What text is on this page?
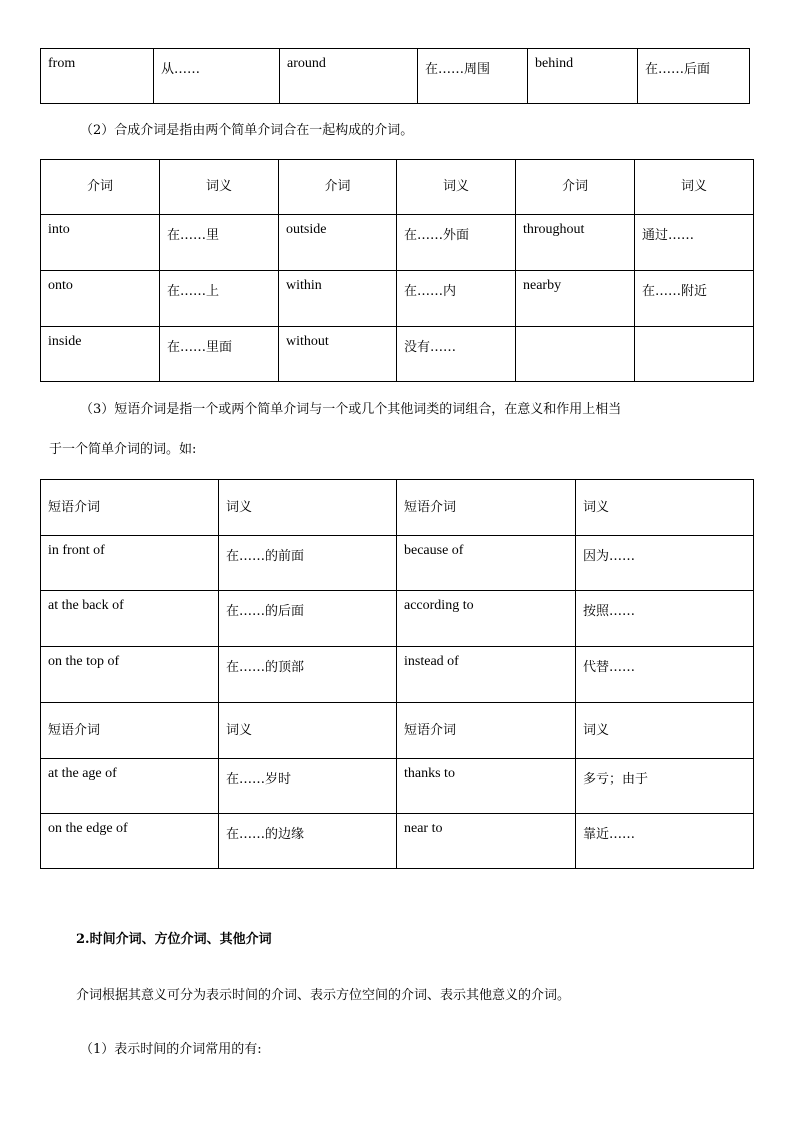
from	从……	around	在……周围	behind	在……后面
（2）合成介词是指由两个简单介词合在一起构成的介词。
介词	词义	介词	词义	介词	词义
into	在……里	outside	在……外面	throughout	通过……
onto	在……上	within	在……内	nearby	在……附近
inside	在……里面	without	没有……		
（3）短语介词是指一个或两个简单介词与一个或几个其他词类的词组合，在意义和作用上相当
于一个简单介词的词。如:
短语介词	词义	短语介词	词义
in front of	在……的前面	because of	因为……
at the back of	在……的后面	according to	按照……
on the top of	在……的顶部	instead of	代替……
短语介词	词义	短语介词	词义
at the age of	在……岁时	thanks to	多亏；由于
on the edge of	在……的边缘	near to	靠近……
2.时间介词、方位介词、其他介词
介词根据其意义可分为表示时间的介词、表示方位空间的介词、表示其他意义的介词。
（1）表示时间的介词常用的有:
